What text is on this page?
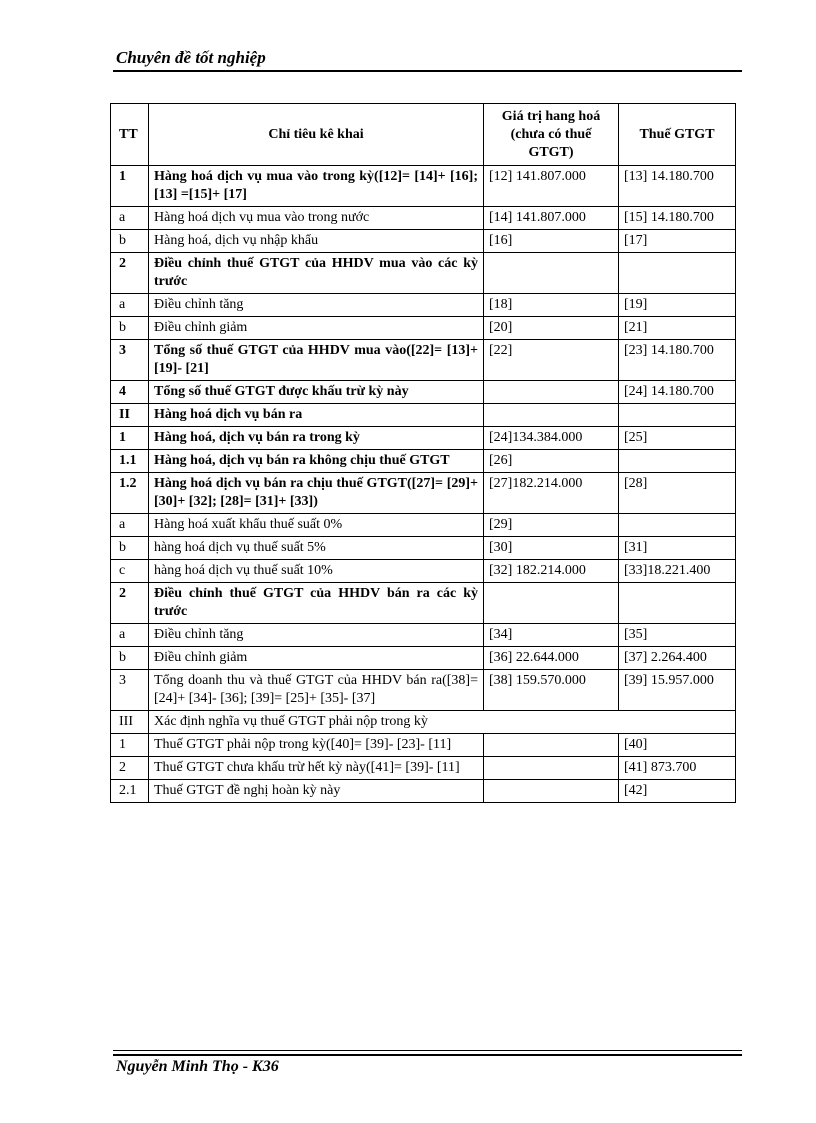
Chuyên đề tốt nghiệp
TT	Chỉ tiêu kê khai	Giá trị hang hoá (chưa có thuế GTGT)	Thuế GTGT
1	Hàng hoá dịch vụ mua vào trong kỳ([12]= [14]+ [16]; [13] =[15]+ [17]	[12] 141.807.000	[13] 14.180.700
a	Hàng hoá dịch vụ mua vào trong nước	[14] 141.807.000	[15] 14.180.700
b	Hàng hoá, dịch vụ nhập khẩu	[16]	[17]
2	Điều chỉnh thuế GTGT của HHDV mua vào các kỳ trước		
a	Điều chỉnh tăng	[18]	[19]
b	Điều chỉnh giảm	[20]	[21]
3	Tổng số thuế GTGT của HHDV mua vào([22]= [13]+ [19]- [21]	[22]	[23] 14.180.700
4	Tổng số thuế GTGT được khấu trừ kỳ này		[24] 14.180.700
II	Hàng hoá dịch vụ bán ra		
1	Hàng hoá, dịch vụ bán ra trong kỳ	[24]134.384.000	[25]
1.1	Hàng hoá, dịch vụ bán ra không chịu thuế GTGT	[26]	
1.2	Hàng hoá dịch vụ bán ra chịu thuế GTGT([27]= [29]+ [30]+ [32]; [28]= [31]+ [33])	[27]182.214.000	[28]
a	Hàng hoá xuất khẩu thuế suất 0%	[29]	
b	hàng hoá dịch vụ thuế suất 5%	[30]	[31]
c	hàng hoá dịch vụ thuế suất 10%	[32] 182.214.000	[33]18.221.400
2	Điều chỉnh thuế GTGT của HHDV bán ra các kỳ trước		
a	Điều chỉnh tăng	[34]	[35]
b	Điều chỉnh giảm	[36] 22.644.000	[37] 2.264.400
3	Tổng doanh thu và thuế GTGT của HHDV bán ra([38]= [24]+ [34]- [36]; [39]= [25]+ [35]- [37]	[38] 159.570.000	[39] 15.957.000
III	Xác định nghĩa vụ thuế GTGT phải nộp trong kỳ		
1	Thuế GTGT phải nộp trong kỳ([40]= [39]- [23]- [11]		[40]
2	Thuế GTGT chưa khấu trừ hết kỳ này([41]= [39]- [11]		[41] 873.700
2.1	Thuế GTGT đề nghị hoàn kỳ này		[42]
Nguyễn Minh Thọ - K36
